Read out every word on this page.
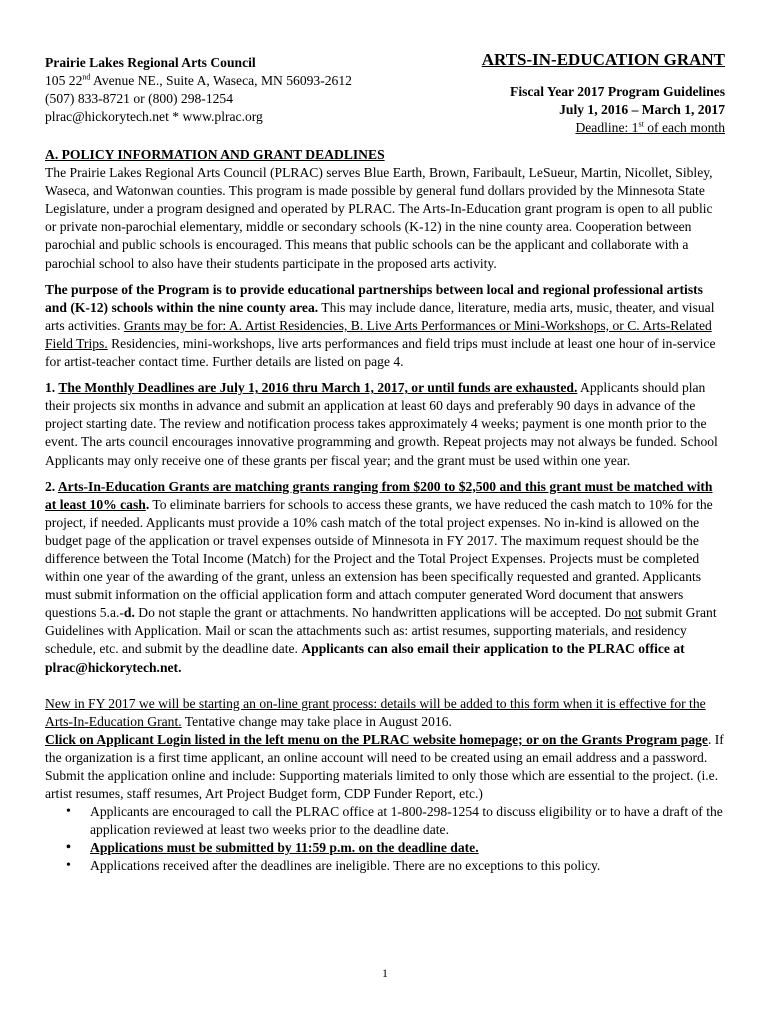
Prairie Lakes Regional Arts Council
105 22nd Avenue NE., Suite A, Waseca, MN 56093-2612
(507) 833-8721 or (800) 298-1254
plrac@hickorytech.net * www.plrac.org
ARTS-IN-EDUCATION GRANT
Fiscal Year 2017 Program Guidelines
July 1, 2016 – March 1, 2017
Deadline: 1st of each month
A. POLICY INFORMATION AND GRANT DEADLINES

The Prairie Lakes Regional Arts Council (PLRAC) serves Blue Earth, Brown, Faribault, LeSueur, Martin, Nicollet, Sibley, Waseca, and Watonwan counties. This program is made possible by general fund dollars provided by the Minnesota State Legislature, under a program designed and operated by PLRAC. The Arts-In-Education grant program is open to all public or private non-parochial elementary, middle or secondary schools (K-12) in the nine county area. Cooperation between parochial and public schools is encouraged. This means that public schools can be the applicant and collaborate with a parochial school to also have their students participate in the proposed arts activity.

The purpose of the Program is to provide educational partnerships between local and regional professional artists and (K-12) schools within the nine county area. This may include dance, literature, media arts, music, theater, and visual arts activities. Grants may be for: A. Artist Residencies, B. Live Arts Performances or Mini-Workshops, or C. Arts-Related Field Trips. Residencies, mini-workshops, live arts performances and field trips must include at least one hour of in-service for artist-teacher contact time. Further details are listed on page 4.

1. The Monthly Deadlines are July 1, 2016 thru March 1, 2017, or until funds are exhausted. Applicants should plan their projects six months in advance and submit an application at least 60 days and preferably 90 days in advance of the project starting date. The review and notification process takes approximately 4 weeks; payment is one month prior to the event. The arts council encourages innovative programming and growth. Repeat projects may not always be funded. School Applicants may only receive one of these grants per fiscal year; and the grant must be used within one year.

2. Arts-In-Education Grants are matching grants ranging from $200 to $2,500 and this grant must be matched with at least 10% cash. To eliminate barriers for schools to access these grants, we have reduced the cash match to 10% for the project, if needed. Applicants must provide a 10% cash match of the total project expenses. No in-kind is allowed on the budget page of the application or travel expenses outside of Minnesota in FY 2017. The maximum request should be the difference between the Total Income (Match) for the Project and the Total Project Expenses. Projects must be completed within one year of the awarding of the grant, unless an extension has been specifically requested and granted. Applicants must submit information on the official application form and attach computer generated Word document that answers questions 5.a.-d. Do not staple the grant or attachments. No handwritten applications will be accepted. Do not submit Grant Guidelines with Application. Mail or scan the attachments such as: artist resumes, supporting materials, and residency schedule, etc. and submit by the deadline date. Applicants can also email their application to the PLRAC office at plrac@hickorytech.net.

New in FY 2017 we will be starting an on-line grant process: details will be added to this form when it is effective for the Arts-In-Education Grant. Tentative change may take place in August 2016.
Click on Applicant Login listed in the left menu on the PLRAC website homepage; or on the Grants Program page. If the organization is a first time applicant, an online account will need to be created using an email address and a password. Submit the application online and include: Supporting materials limited to only those which are essential to the project. (i.e. artist resumes, staff resumes, Art Project Budget form, CDP Funder Report, etc.)

• Applicants are encouraged to call the PLRAC office at 1-800-298-1254 to discuss eligibility or to have a draft of the application reviewed at least two weeks prior to the deadline date.
• Applications must be submitted by 11:59 p.m. on the deadline date.
• Applications received after the deadlines are ineligible. There are no exceptions to this policy.
1
